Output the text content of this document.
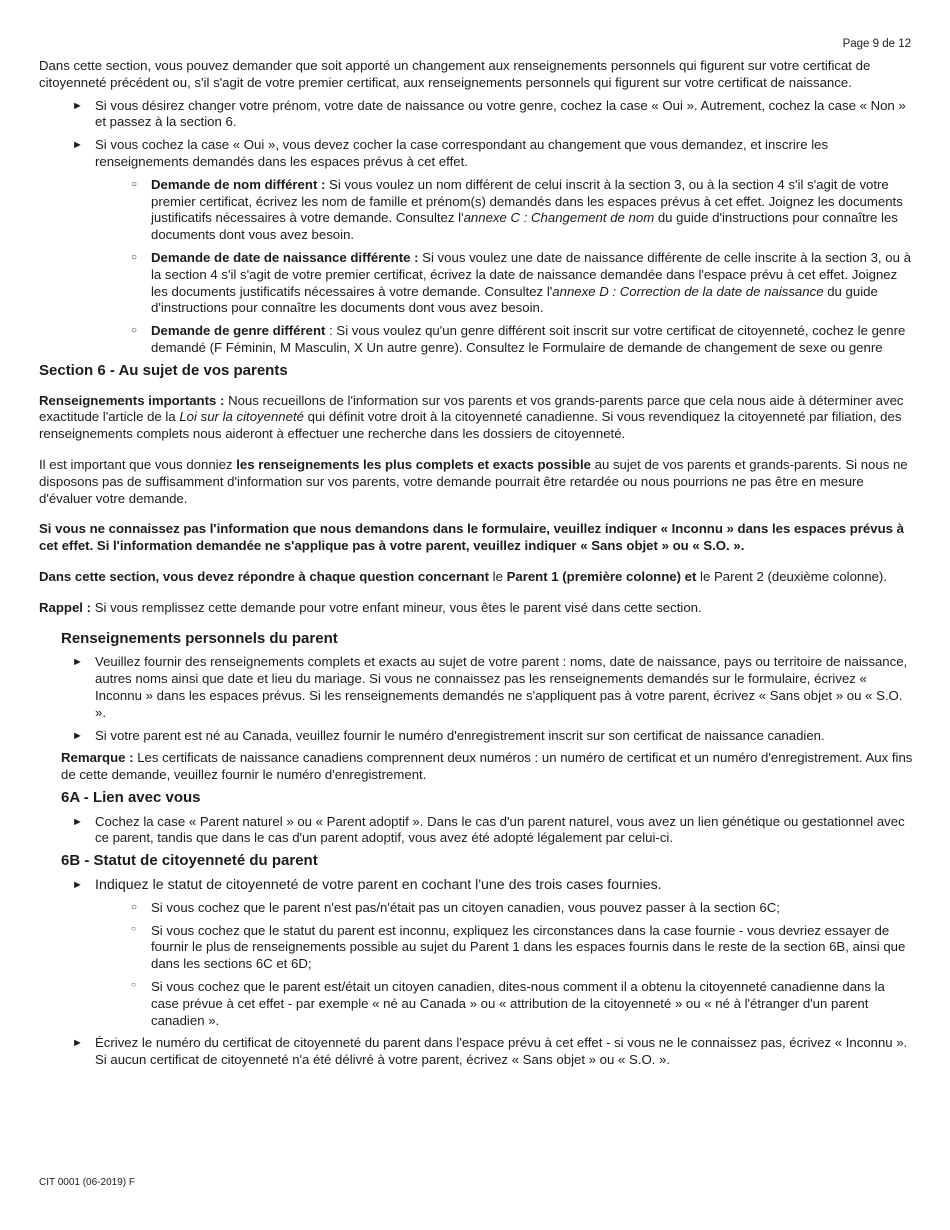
Page 9 de 12

Dans cette section, vous pouvez demander que soit apporté un changement aux renseignements personnels qui figurent sur votre certificat de citoyenneté précédent ou, s'il s'agit de votre premier certificat, aux renseignements personnels qui figurent sur votre certificat de naissance.

► Si vous désirez changer votre prénom, votre date de naissance ou votre genre, cochez la case « Oui ». Autrement, cochez la case « Non » et passez à la section 6.
► Si vous cochez la case « Oui », vous devez cocher la case correspondant au changement que vous demandez, et inscrire les renseignements demandés dans les espaces prévus à cet effet.
○ Demande de nom différent : Si vous voulez un nom différent de celui inscrit à la section 3, ou à la section 4 s'il s'agit de votre premier certificat, écrivez les nom de famille et prénom(s) demandés dans les espaces prévus à cet effet. Joignez les documents justificatifs nécessaires à votre demande. Consultez l'annexe C : Changement de nom du guide d'instructions pour connaître les documents dont vous avez besoin.
○ Demande de date de naissance différente : Si vous voulez une date de naissance différente de celle inscrite à la section 3, ou à la section 4 s'il s'agit de votre premier certificat, écrivez la date de naissance demandée dans l'espace prévu à cet effet. Joignez les documents justificatifs nécessaires à votre demande. Consultez l'annexe D : Correction de la date de naissance du guide d'instructions pour connaître les documents dont vous avez besoin.
○ Demande de genre différent : Si vous voulez qu'un genre différent soit inscrit sur votre certificat de citoyenneté, cochez le genre demandé (F Féminin, M Masculin, X Un autre genre). Consultez le Formulaire de demande de changement de sexe ou genre
Section 6 - Au sujet de vos parents

Renseignements importants : Nous recueillons de l'information sur vos parents et vos grands-parents parce que cela nous aide à déterminer avec exactitude l'article de la Loi sur la citoyenneté qui définit votre droit à la citoyenneté canadienne. Si vous revendiquez la citoyenneté par filiation, des renseignements complets nous aideront à effectuer une recherche dans les dossiers de citoyenneté.

Il est important que vous donniez les renseignements les plus complets et exacts possible au sujet de vos parents et grands-parents. Si nous ne disposons pas de suffisamment d'information sur vos parents, votre demande pourrait être retardée ou nous pourrions ne pas être en mesure d'évaluer votre demande.

Si vous ne connaissez pas l'information que nous demandons dans le formulaire, veuillez indiquer « Inconnu » dans les espaces prévus à cet effet. Si l'information demandée ne s'applique pas à votre parent, veuillez indiquer « Sans objet » ou « S.O. ».

Dans cette section, vous devez répondre à chaque question concernant le Parent 1 (première colonne) et le Parent 2 (deuxième colonne).

Rappel : Si vous remplissez cette demande pour votre enfant mineur, vous êtes le parent visé dans cette section.

Renseignements personnels du parent
► Veuillez fournir des renseignements complets et exacts au sujet de votre parent : noms, date de naissance, pays ou territoire de naissance, autres noms ainsi que date et lieu du mariage. Si vous ne connaissez pas les renseignements demandés sur le formulaire, écrivez « Inconnu » dans les espaces prévus. Si les renseignements demandés ne s'appliquent pas à votre parent, écrivez « Sans objet » ou « S.O. ».
► Si votre parent est né au Canada, veuillez fournir le numéro d'enregistrement inscrit sur son certificat de naissance canadien.

Remarque : Les certificats de naissance canadiens comprennent deux numéros : un numéro de certificat et un numéro d'enregistrement. Aux fins de cette demande, veuillez fournir le numéro d'enregistrement.

6A - Lien avec vous
► Cochez la case « Parent naturel » ou « Parent adoptif ». Dans le cas d'un parent naturel, vous avez un lien génétique ou gestationnel avec ce parent, tandis que dans le cas d'un parent adoptif, vous avez été adopté légalement par celui-ci.
6B - Statut de citoyenneté du parent
► Indiquez le statut de citoyenneté de votre parent en cochant l'une des trois cases fournies.
○ Si vous cochez que le parent n'est pas/n'était pas un citoyen canadien, vous pouvez passer à la section 6C;
○ Si vous cochez que le statut du parent est inconnu, expliquez les circonstances dans la case fournie - vous devriez essayer de fournir le plus de renseignements possible au sujet du Parent 1 dans les espaces fournis dans le reste de la section 6B, ainsi que dans les sections 6C et 6D;
○ Si vous cochez que le parent est/était un citoyen canadien, dites-nous comment il a obtenu la citoyenneté canadienne dans la case prévue à cet effet - par exemple « né au Canada » ou « attribution de la citoyenneté » ou « né à l'étranger d'un parent canadien ».
► Écrivez le numéro du certificat de citoyenneté du parent dans l'espace prévu à cet effet - si vous ne le connaissez pas, écrivez « Inconnu ». Si aucun certificat de citoyenneté n'a été délivré à votre parent, écrivez « Sans objet » ou « S.O. ».
CIT 0001 (06-2019) F
